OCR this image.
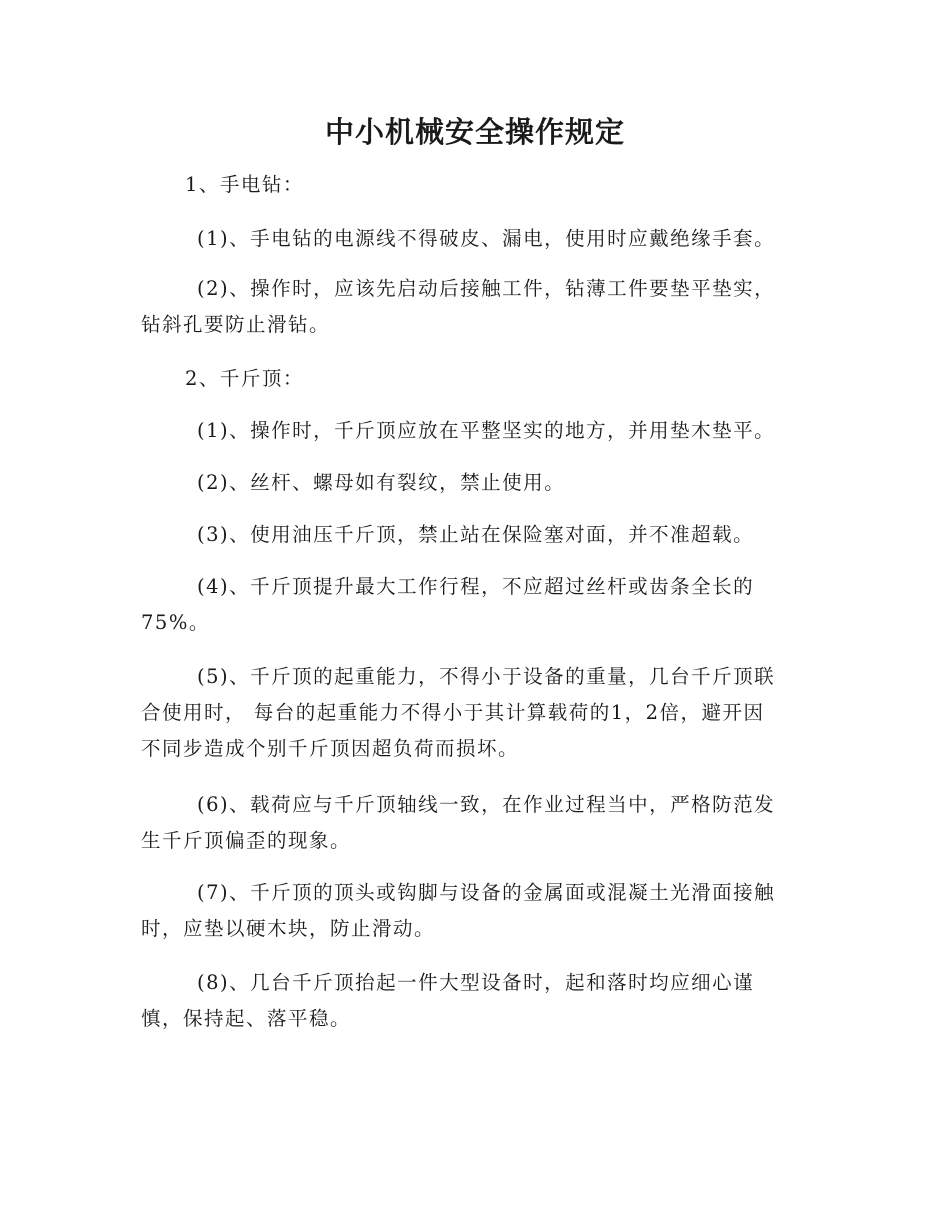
中小机械安全操作规定
1、手电钻：
(1)、手电钻的电源线不得破皮、漏电，使用时应戴绝缘手套。
(2)、操作时，应该先启动后接触工件，钻薄工件要垫平垫实，
钻斜孔要防止滑钻。
2、千斤顶：
(1)、操作时，千斤顶应放在平整坚实的地方，并用垫木垫平。
(2)、丝杆、螺母如有裂纹，禁止使用。
(3)、使用油压千斤顶，禁止站在保险塞对面，并不准超载。
(4)、千斤顶提升最大工作行程，不应超过丝杆或齿条全长的
75%。
(5)、千斤顶的起重能力，不得小于设备的重量，几台千斤顶联
合使用时， 每台的起重能力不得小于其计算载荷的1，2倍，避开因
不同步造成个别千斤顶因超负荷而损坏。
(6)、载荷应与千斤顶轴线一致，在作业过程当中，严格防范发
生千斤顶偏歪的现象。
(7)、千斤顶的顶头或钩脚与设备的金属面或混凝土光滑面接触
时，应垫以硬木块，防止滑动。
(8)、几台千斤顶抬起一件大型设备时，起和落时均应细心谨
慎，保持起、落平稳。
